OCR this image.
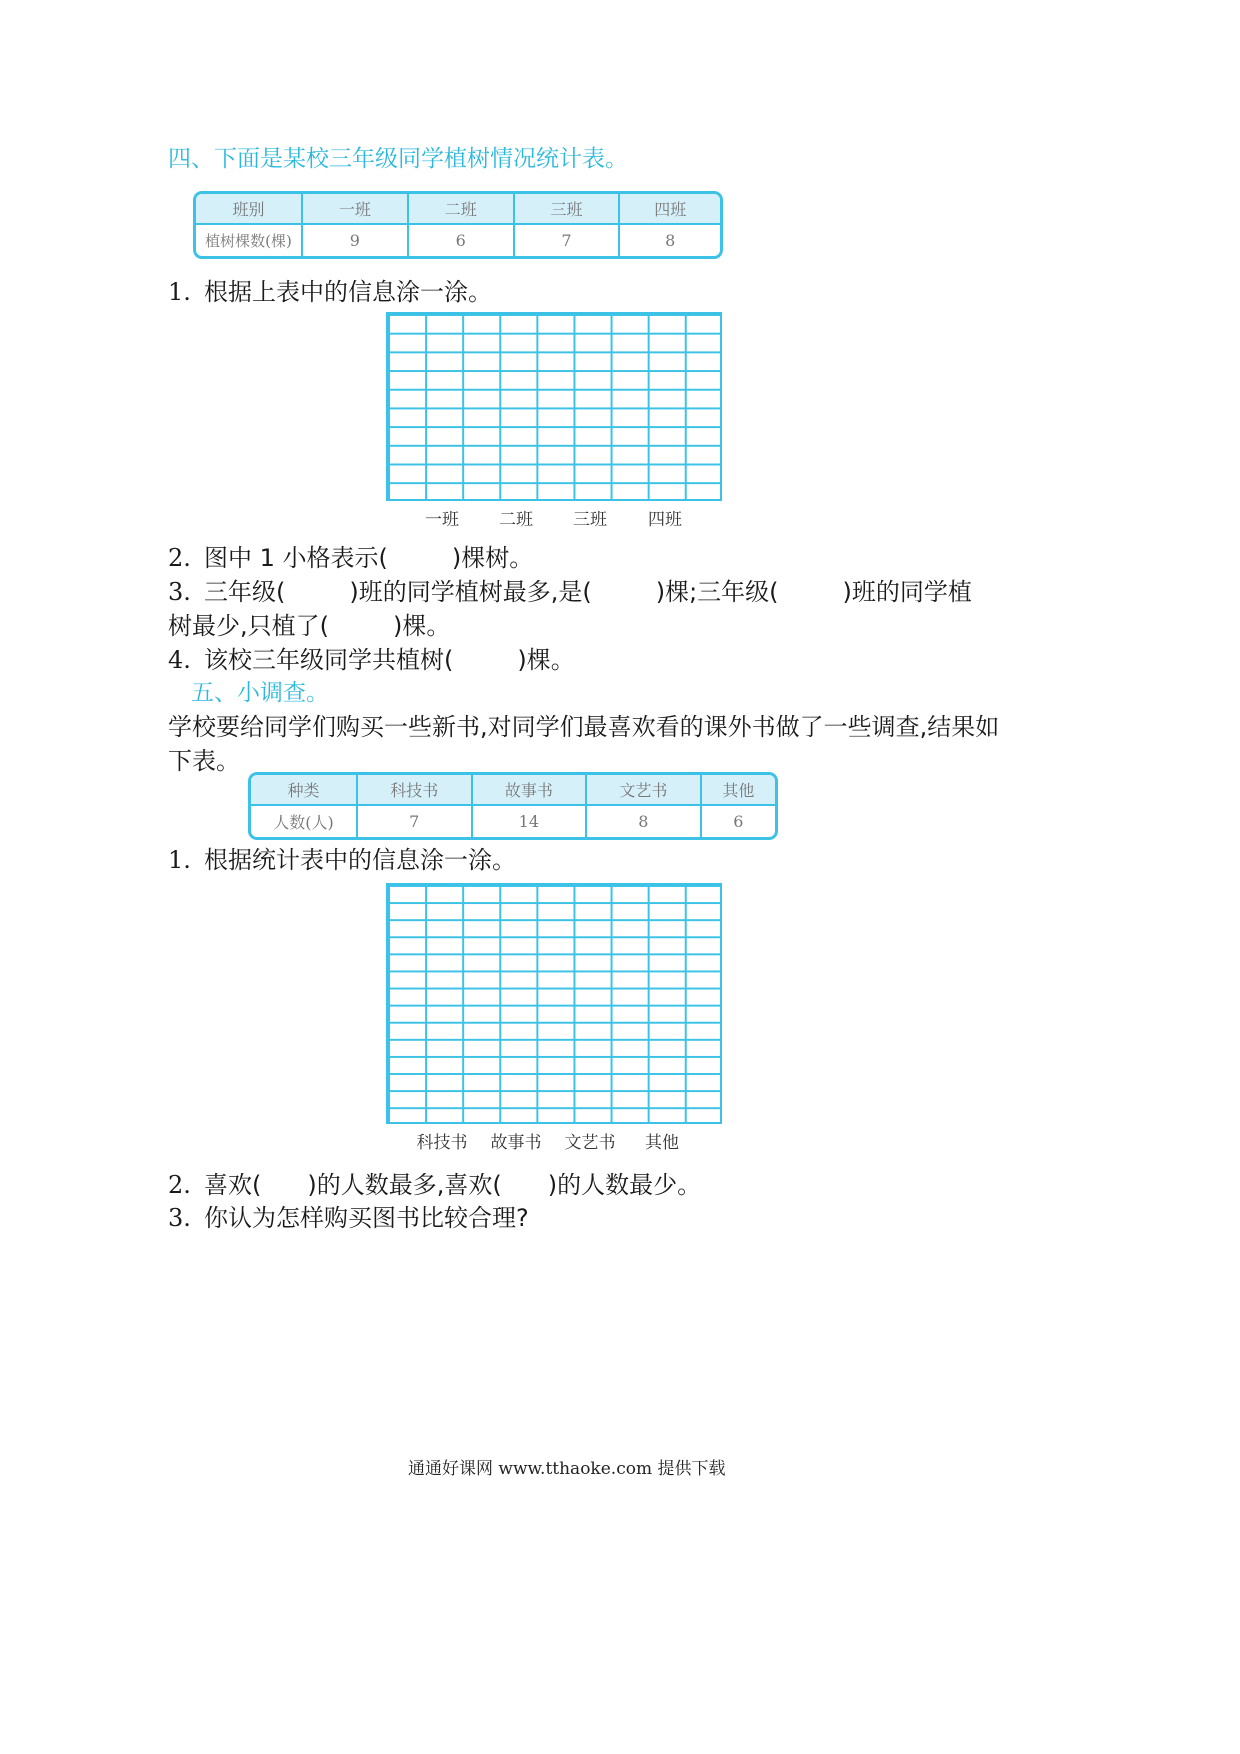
四、下面是某校三年级同学植树情况统计表。
班别	一班	二班	三班	四班
植树棵数(棵)	9	6	7	8
1. 根据上表中的信息涂一涂。
一班	二班	三班	四班
2. 图中 1 小格表示(	)棵树。
3. 三年级(	)班的同学植树最多,是(	)棵;三年级(	)班的同学植
树最少,只植了(	)棵。
4. 该校三年级同学共植树(	)棵。
五、小调查。
学校要给同学们购买一些新书,对同学们最喜欢看的课外书做了一些调查,结果如
下表。
种类	科技书	故事书	文艺书	其他
人数(人)	7	14	8	6
1. 根据统计表中的信息涂一涂。
科技书	故事书	文艺书	其他
2. 喜欢( )的人数最多,喜欢( )的人数最少。
3. 你认为怎样购买图书比较合理?
通通好课网 www.tthaoke.com 提供下载
